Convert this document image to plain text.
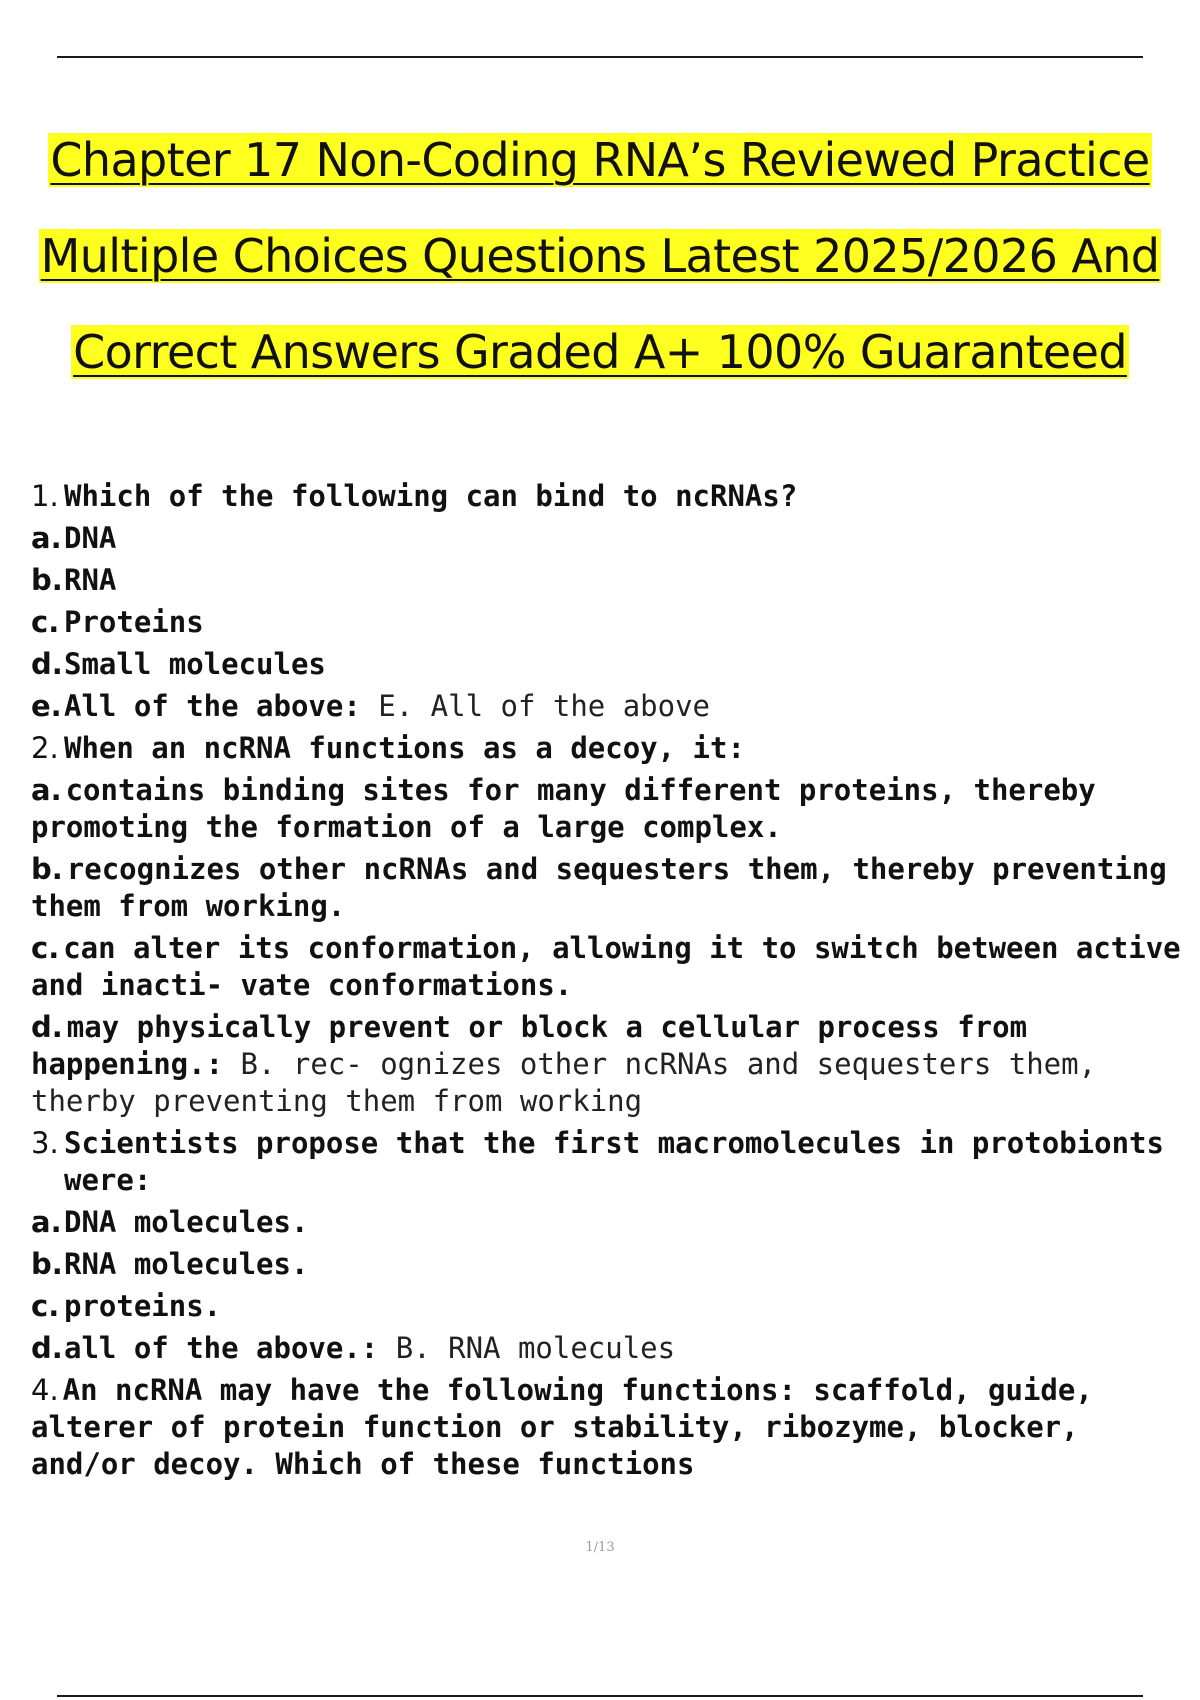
Chapter 17 Non-Coding RNA’s Reviewed Practice
Multiple Choices Questions Latest 2025/2026 And
Correct Answers Graded A+ 100% Guaranteed
1. Which of the following can bind to ncRNAs?
a. DNA
b. RNA
c. Proteins
d. Small molecules
e. All of the above: E. All of the above
2. When an ncRNA functions as a decoy, it:
a. contains binding sites for many different proteins, thereby promoting the formation of a large complex.
b. recognizes other ncRNAs and sequesters them, thereby preventing them from working.
c. can alter its conformation, allowing it to switch between active and inacti- vate conformations.
d. may physically prevent or block a cellular process from happening.: B. rec- ognizes other ncRNAs and sequesters them, therby preventing them from working
3. Scientists propose that the first macromolecules in protobionts were:
a. DNA molecules.
b. RNA molecules.
c. proteins.
d. all of the above.: B. RNA molecules
4. An ncRNA may have the following functions: scaffold, guide, alterer of protein function or stability, ribozyme, blocker, and/or decoy. Which of these functions
1/13
